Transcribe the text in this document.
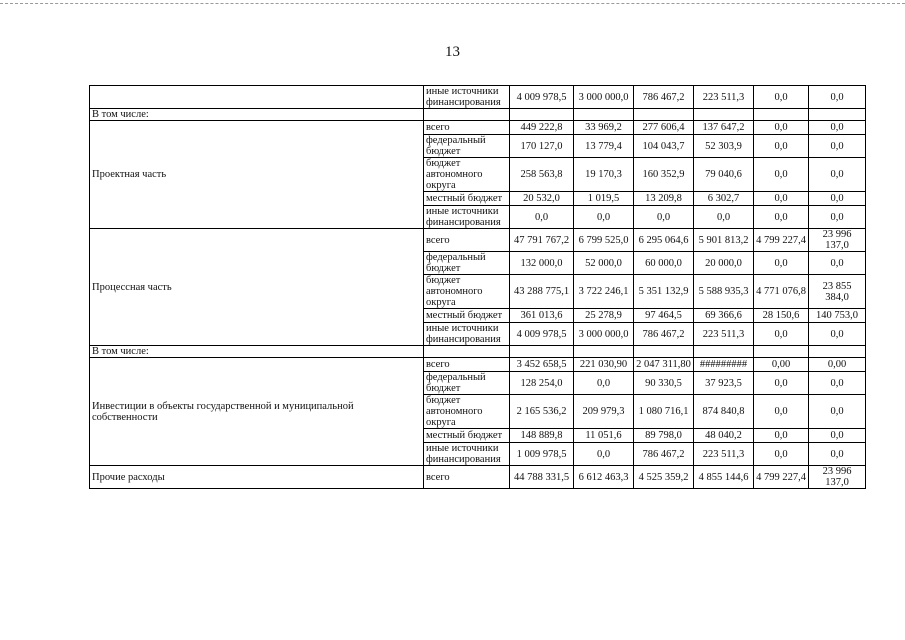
13
	иные источники финансирования	4 009 978,5	3 000 000,0	786 467,2	223 511,3	0,0	0,0
В том числе:							
Проектная часть	всего	449 222,8	33 969,2	277 606,4	137 647,2	0,0	0,0
	федеральный бюджет	170 127,0	13 779,4	104 043,7	52 303,9	0,0	0,0
	бюджет автономного округа	258 563,8	19 170,3	160 352,9	79 040,6	0,0	0,0
	местный бюджет	20 532,0	1 019,5	13 209,8	6 302,7	0,0	0,0
	иные источники финансирования	0,0	0,0	0,0	0,0	0,0	0,0
Процессная часть	всего	47 791 767,2	6 799 525,0	6 295 064,6	5 901 813,2	4 799 227,4	23 996 137,0
	федеральный бюджет	132 000,0	52 000,0	60 000,0	20 000,0	0,0	0,0
	бюджет автономного округа	43 288 775,1	3 722 246,1	5 351 132,9	5 588 935,3	4 771 076,8	23 855 384,0
	местный бюджет	361 013,6	25 278,9	97 464,5	69 366,6	28 150,6	140 753,0
	иные источники финансирования	4 009 978,5	3 000 000,0	786 467,2	223 511,3	0,0	0,0
В том числе:							
Инвестиции в объекты государственной и муниципальной собственности	всего	3 452 658,5	221 030,90	2 047 311,80	#########	0,00	0,00
	федеральный бюджет	128 254,0	0,0	90 330,5	37 923,5	0,0	0,0
	бюджет автономного округа	2 165 536,2	209 979,3	1 080 716,1	874 840,8	0,0	0,0
	местный бюджет	148 889,8	11 051,6	89 798,0	48 040,2	0,0	0,0
	иные источники финансирования	1 009 978,5	0,0	786 467,2	223 511,3	0,0	0,0
Прочие расходы	всего	44 788 331,5	6 612 463,3	4 525 359,2	4 855 144,6	4 799 227,4	23 996 137,0
